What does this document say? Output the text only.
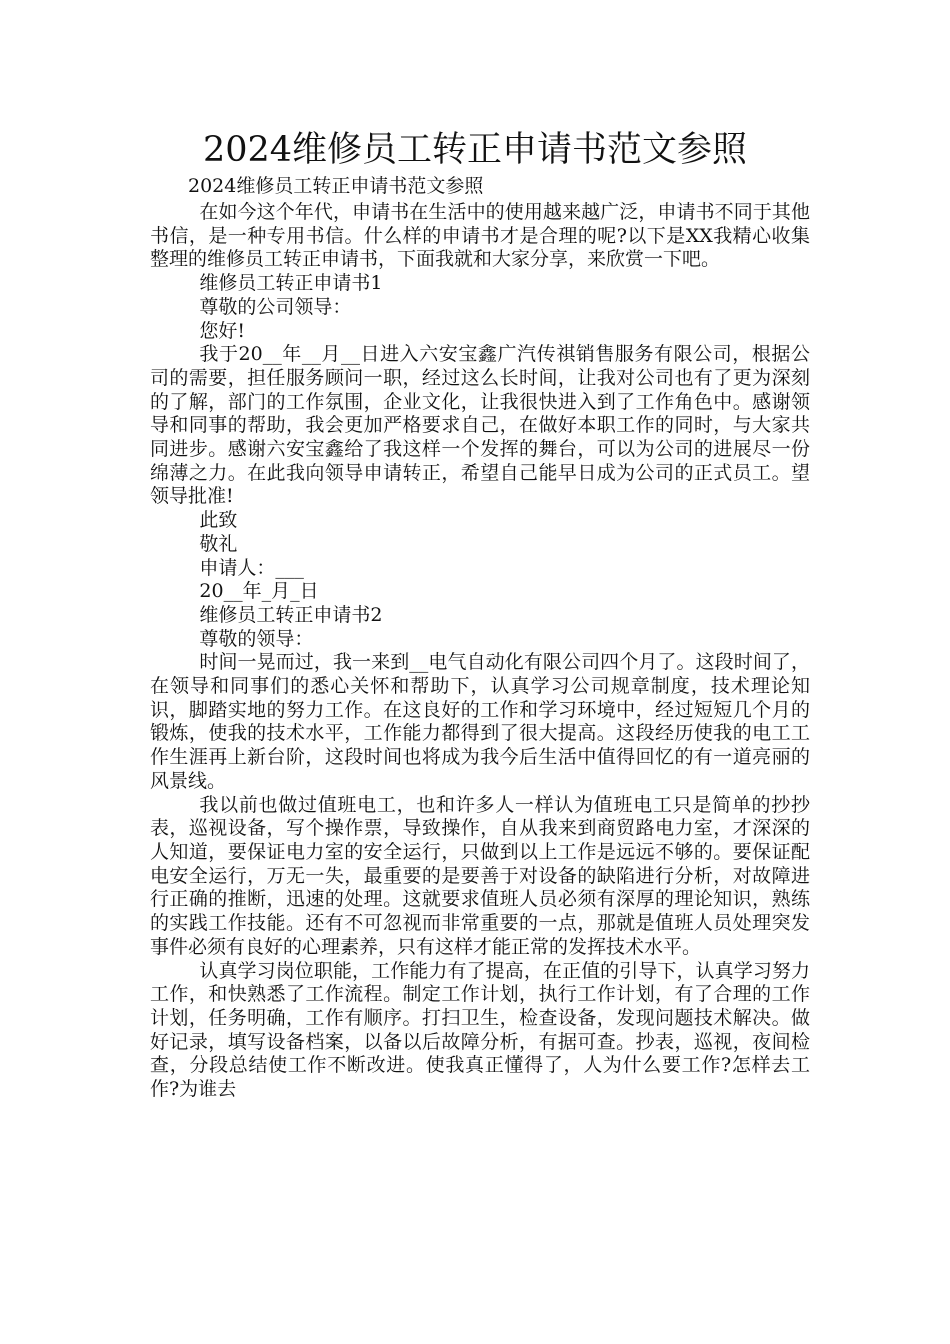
2024维修员工转正申请书范文参照
2024维修员工转正申请书范文参照

在如今这个年代，申请书在生活中的使用越来越广泛，申请书不同于其他书信，是一种专用书信。什么样的申请书才是合理的呢?以下是XX我精心收集整理的维修员工转正申请书，下面我就和大家分享，来欣赏一下吧。

维修员工转正申请书1
尊敬的公司领导：
您好!

我于20__年__月__日进入六安宝鑫广汽传祺销售服务有限公司，根据公司的需要，担任服务顾问一职，经过这么长时间，让我对公司也有了更为深刻的了解，部门的工作氛围，企业文化，让我很快进入到了工作角色中。感谢领导和同事的帮助，我会更加严格要求自己，在做好本职工作的同时，与大家共同进步。感谢六安宝鑫给了我这样一个发挥的舞台，可以为公司的进展尽一份绵薄之力。在此我向领导申请转正，希望自己能早日成为公司的正式员工。望领导批准!

此致
敬礼
申请人：___
20__年_月_日
维修员工转正申请书2
尊敬的领导：

时间一晃而过，我一来到__电气自动化有限公司四个月了。这段时间了，在领导和同事们的悉心关怀和帮助下，认真学习公司规章制度，技术理论知识，脚踏实地的努力工作。在这良好的工作和学习环境中，经过短短几个月的锻炼，使我的技术水平，工作能力都得到了很大提高。这段经历使我的电工工作生涯再上新台阶，这段时间也将成为我今后生活中值得回忆的有一道亮丽的风景线。

我以前也做过值班电工，也和许多人一样认为值班电工只是简单的抄抄表，巡视设备，写个操作票，导致操作，自从我来到商贸路电力室，才深深的人知道，要保证电力室的安全运行，只做到以上工作是远远不够的。要保证配电安全运行，万无一失，最重要的是要善于对设备的缺陷进行分析，对故障进行正确的推断，迅速的处理。这就要求值班人员必须有深厚的理论知识，熟练的实践工作技能。还有不可忽视而非常重要的一点，那就是值班人员处理突发事件必须有良好的心理素养，只有这样才能正常的发挥技术水平。

认真学习岗位职能，工作能力有了提高，在正值的引导下，认真学习努力工作，和快熟悉了工作流程。制定工作计划，执行工作计划，有了合理的工作计划，任务明确，工作有顺序。打扫卫生，检查设备，发现问题技术解决。做好记录，填写设备档案，以备以后故障分析，有据可查。抄表，巡视，夜间检查，分段总结使工作不断改进。使我真正懂得了，人为什么要工作?怎样去工作?为谁去
